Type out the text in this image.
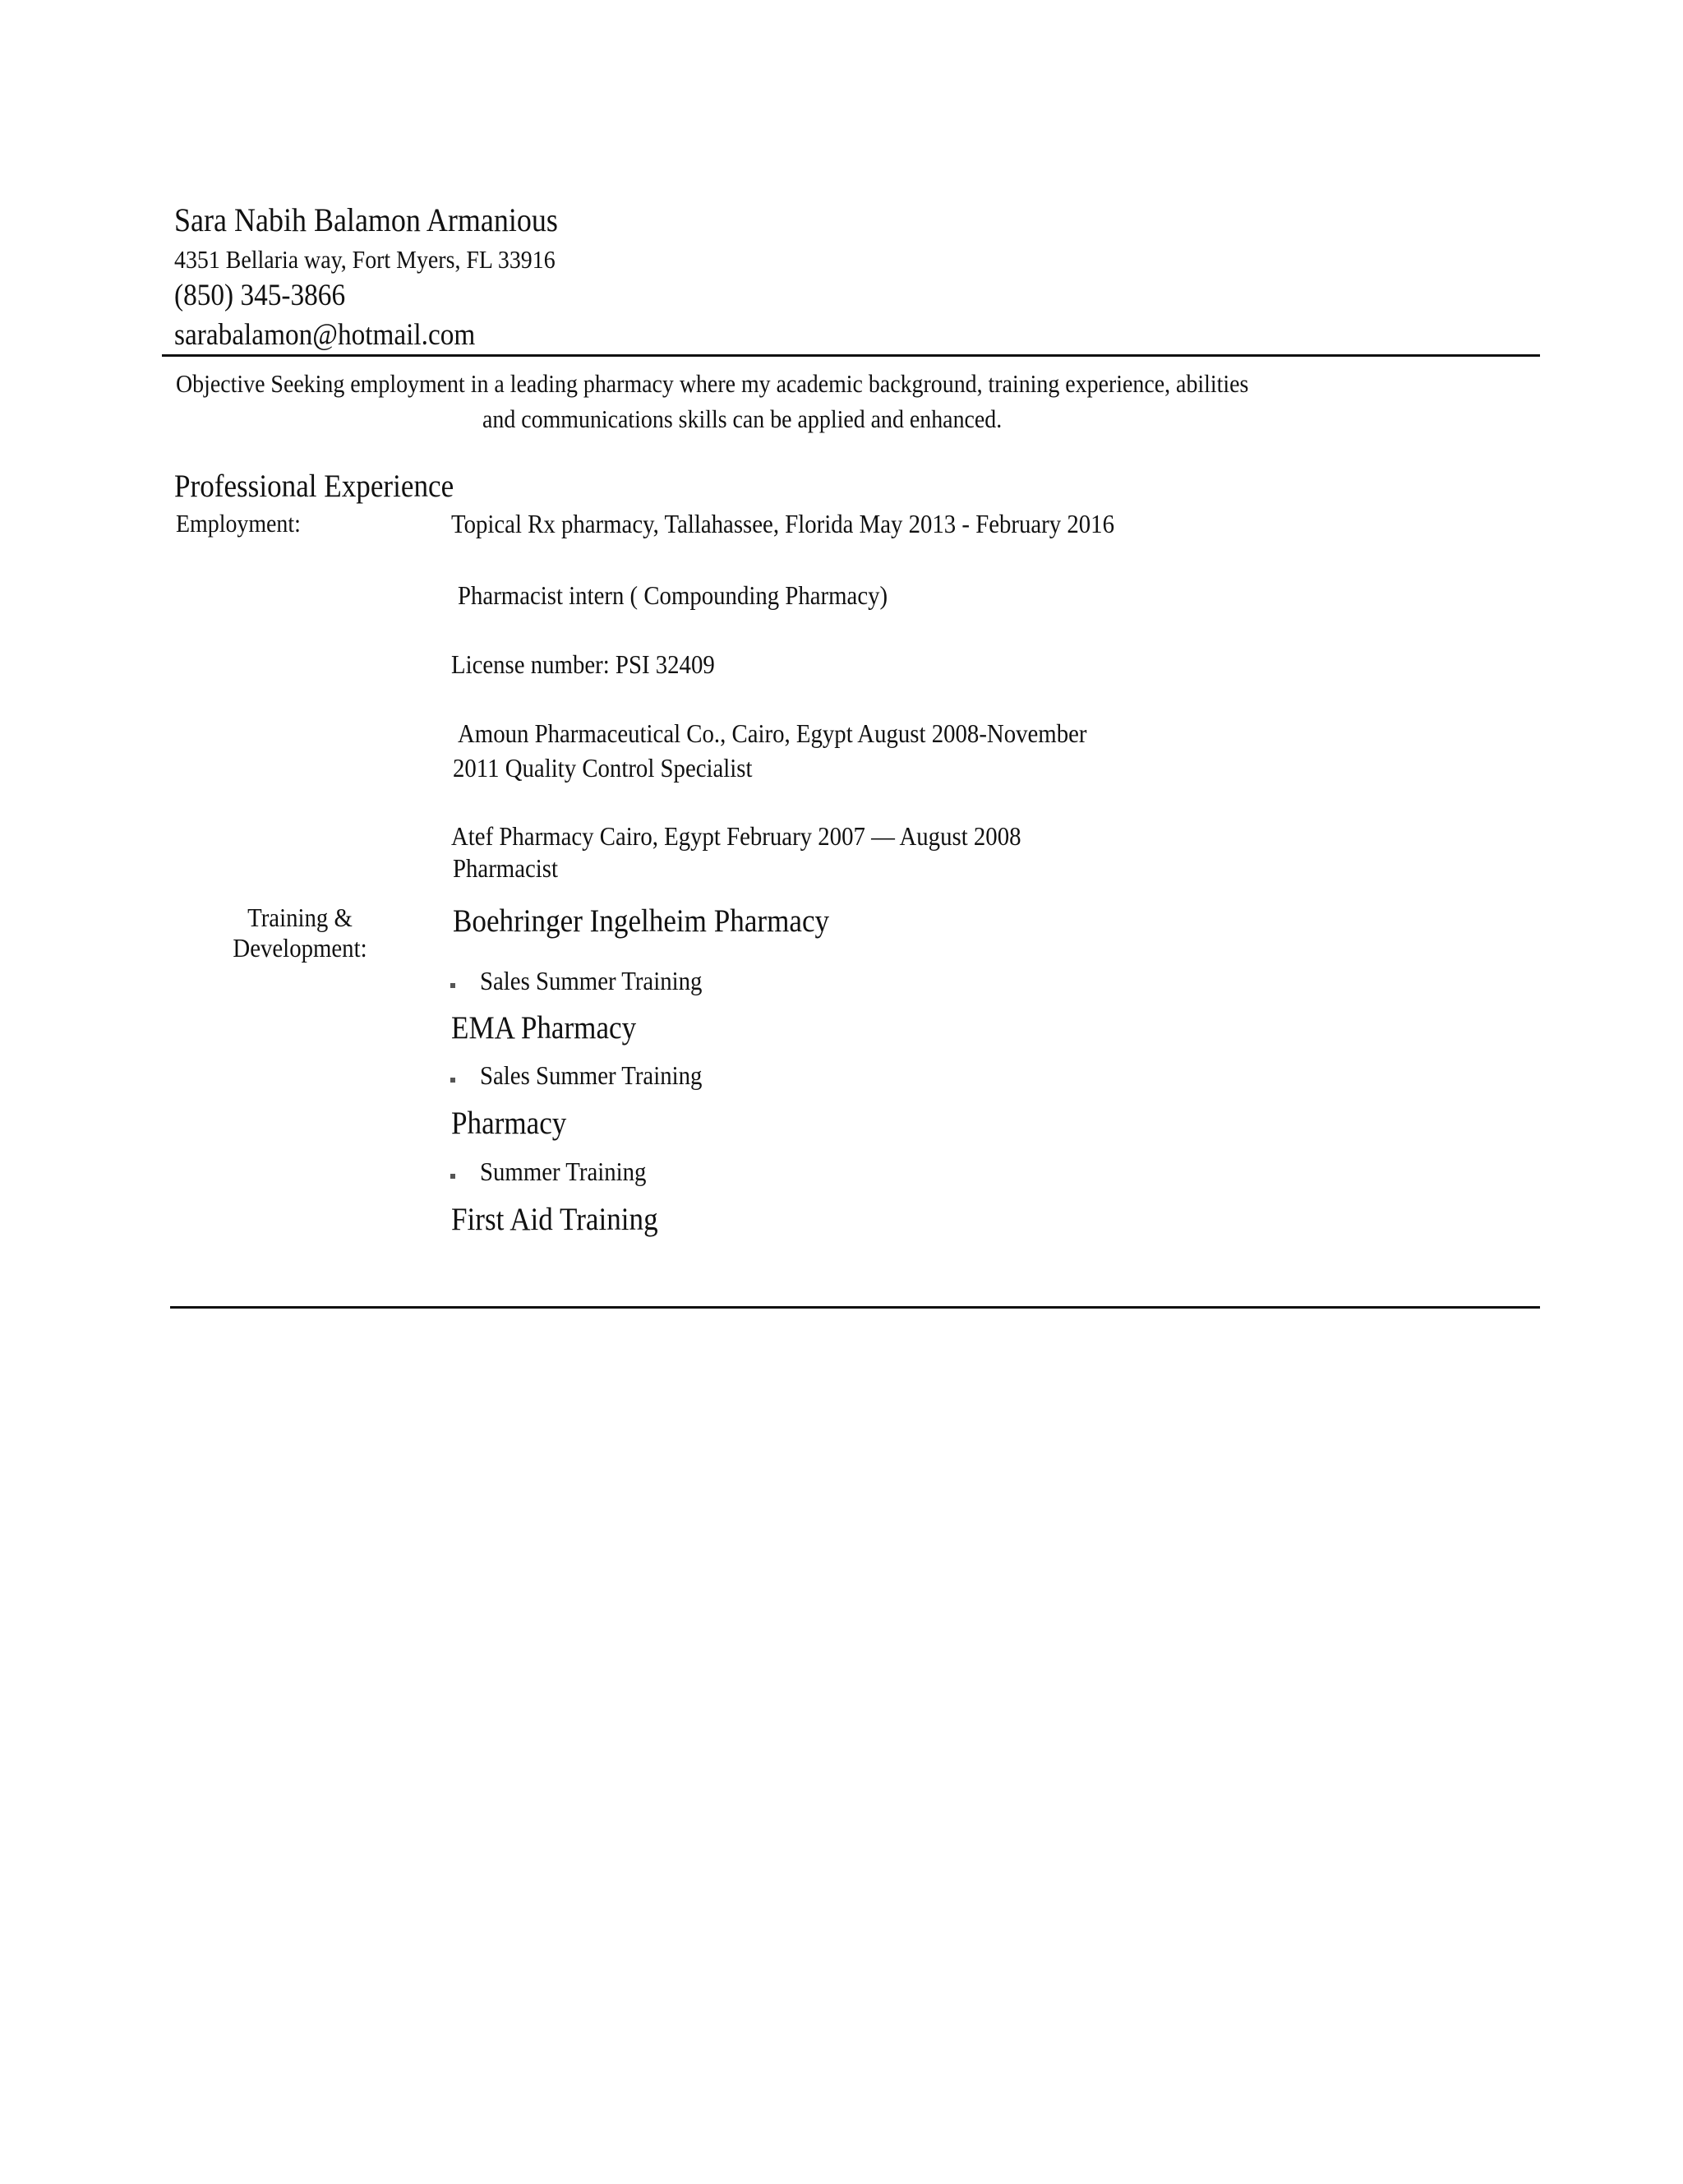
Sara Nabih Balamon Armanious
4351 Bellaria way, Fort Myers, FL 33916
(850) 345-3866
sarabalamon@hotmail.com
Objective Seeking employment in a leading pharmacy where my academic background, training experience, abilities
and communications skills can be applied and enhanced.
Professional Experience
Employment:	Topical Rx pharmacy, Tallahassee, Florida May 2013 - February 2016
Pharmacist intern ( Compounding Pharmacy)
License number: PSI 32409
Amoun Pharmaceutical Co., Cairo, Egypt August 2008-November
2011 Quality Control Specialist
Atef Pharmacy Cairo, Egypt February 2007 — August 2008
Pharmacist
Training &
Development:
Boehringer Ingelheim Pharmacy
Sales Summer Training
EMA Pharmacy
Sales Summer Training
Pharmacy
Summer Training
First Aid Training
